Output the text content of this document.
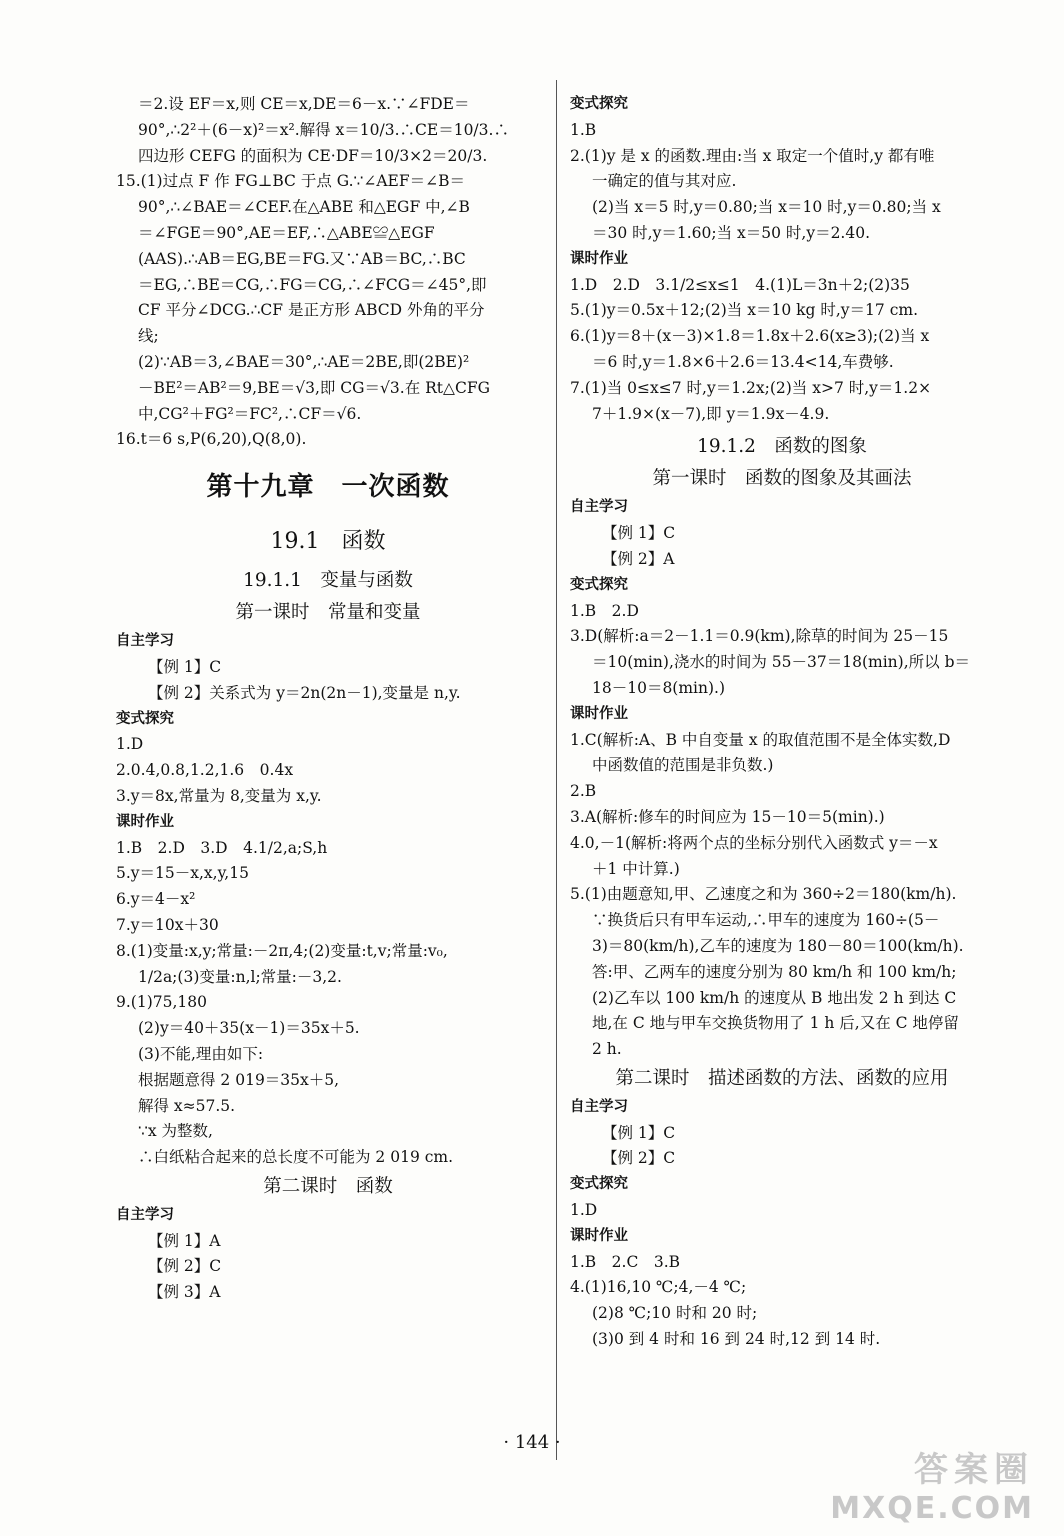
＝2.设 EF＝x,则 CE＝x,DE＝6－x.∵∠FDE＝
90°,∴2²＋(6－x)²＝x².解得 x＝10/3.∴CE＝10/3.∴
四边形 CEFG 的面积为 CE·DF＝10/3×2＝20/3.
15.(1)过点 F 作 FG⊥BC 于点 G.∵∠AEF＝∠B＝
90°,∴∠BAE＝∠CEF.在△ABE 和△EGF 中,∠B
＝∠FGE＝90°,AE＝EF,∴△ABE≌△EGF
(AAS).∴AB＝EG,BE＝FG.又∵AB＝BC,∴BC
＝EG,∴BE＝CG,∴FG＝CG,∴∠FCG＝∠45°,即
CF 平分∠DCG.∴CF 是正方形 ABCD 外角的平分
线;
(2)∵AB＝3,∠BAE＝30°,∴AE＝2BE,即(2BE)²
－BE²＝AB²＝9,BE＝√3,即 CG＝√3.在 Rt△CFG
中,CG²＋FG²＝FC²,∴CF＝√6.
16.t＝6 s,P(6,20),Q(8,0).
第十九章　一次函数
19.1　函数
19.1.1　变量与函数
第一课时　常量和变量
自主学习
【例 1】C
【例 2】关系式为 y＝2n(2n－1),变量是 n,y.
变式探究
1.D
2.0.4,0.8,1.2,1.6　0.4x
3.y＝8x,常量为 8,变量为 x,y.
课时作业
1.B　2.D　3.D　4.1/2,a;S,h
5.y＝15－x,x,y,15
6.y＝4－x²
7.y＝10x＋30
8.(1)变量:x,y;常量:－2π,4;(2)变量:t,v;常量:v₀,
1/2a;(3)变量:n,l;常量:－3,2.
9.(1)75,180
(2)y＝40＋35(x－1)＝35x＋5.
(3)不能,理由如下:
根据题意得 2 019＝35x＋5,
解得 x≈57.5.
∵x 为整数,
∴白纸粘合起来的总长度不可能为 2 019 cm.
第二课时　函数
自主学习
【例 1】A
【例 2】C
【例 3】A
变式探究
1.B
2.(1)y 是 x 的函数.理由:当 x 取定一个值时,y 都有唯
一确定的值与其对应.
(2)当 x＝5 时,y＝0.80;当 x＝10 时,y＝0.80;当 x
＝30 时,y＝1.60;当 x＝50 时,y＝2.40.
课时作业
1.D　2.D　3.1/2≤x≤1　4.(1)L＝3n＋2;(2)35
5.(1)y＝0.5x＋12;(2)当 x＝10 kg 时,y＝17 cm.
6.(1)y＝8＋(x－3)×1.8＝1.8x＋2.6(x≥3);(2)当 x
＝6 时,y＝1.8×6＋2.6＝13.4<14,车费够.
7.(1)当 0≤x≤7 时,y＝1.2x;(2)当 x>7 时,y＝1.2×
7＋1.9×(x－7),即 y＝1.9x－4.9.
19.1.2　函数的图象
第一课时　函数的图象及其画法
自主学习
【例 1】C
【例 2】A
变式探究
1.B　2.D
3.D(解析:a＝2－1.1＝0.9(km),除草的时间为 25－15
＝10(min),浇水的时间为 55－37＝18(min),所以 b＝
18－10＝8(min).)
课时作业
1.C(解析:A、B 中自变量 x 的取值范围不是全体实数,D
中函数值的范围是非负数.)
2.B
3.A(解析:修车的时间应为 15－10＝5(min).)
4.0,－1(解析:将两个点的坐标分别代入函数式 y＝－x
＋1 中计算.)
5.(1)由题意知,甲、乙速度之和为 360÷2＝180(km/h).
∵换货后只有甲车运动,∴甲车的速度为 160÷(5－
3)＝80(km/h),乙车的速度为 180－80＝100(km/h).
答:甲、乙两车的速度分别为 80 km/h 和 100 km/h;
(2)乙车以 100 km/h 的速度从 B 地出发 2 h 到达 C
地,在 C 地与甲车交换货物用了 1 h 后,又在 C 地停留
2 h.
第二课时　描述函数的方法、函数的应用
自主学习
【例 1】C
【例 2】C
变式探究
1.D
课时作业
1.B　2.C　3.B
4.(1)16,10 ℃;4,－4 ℃;
(2)8 ℃;10 时和 20 时;
(3)0 到 4 时和 16 到 24 时,12 到 14 时.
· 144 ·
答案圈
MXQE.COM
